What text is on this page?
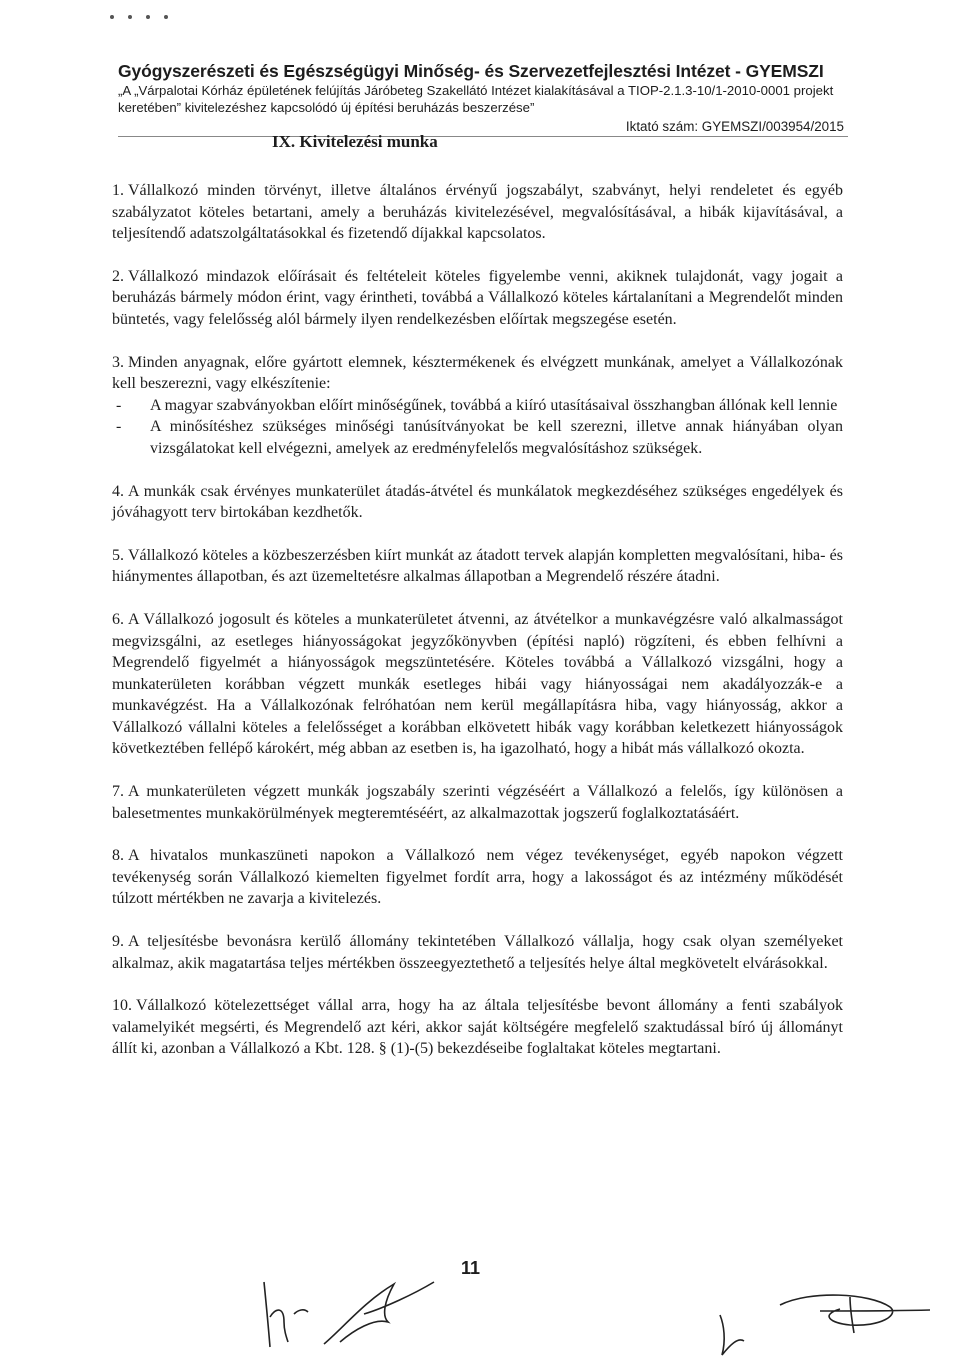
Gyógyszerészeti és Egészségügyi Minőség- és Szervezetfejlesztési Intézet - GYEMSZI

„A „Várpalotai Kórház épületének felújítás Járóbeteg Szakellátó Intézet kialakításával a TIOP-2.1.3-10/1-2010-0001 projekt

keretében” kivitelezéshez kapcsolódó új építési beruházás beszerzése”

Iktató szám: GYEMSZI/003954/2015

IX. Kivitelezési munka

1. Vállalkozó minden törvényt, illetve általános érvényű jogszabályt, szabványt, helyi rendeletet és egyéb szabályzatot köteles betartani, amely a beruházás kivitelezésével, megvalósításával, a hibák kijavításával, a teljesítendő adatszolgáltatásokkal és fizetendő díjakkal kapcsolatos.

2. Vállalkozó mindazok előírásait és feltételeit köteles figyelembe venni, akiknek tulajdonát, vagy jogait a beruházás bármely módon érint, vagy érintheti, továbbá a Vállalkozó köteles kártalanítani a Megrendelőt minden büntetés, vagy felelősség alól bármely ilyen rendelkezésben előírtak megszegése esetén.

3. Minden anyagnak, előre gyártott elemnek, késztermékenek és elvégzett munkának, amelyet a Vállalkozónak kell beszerezni, vagy elkészítenie:
- A magyar szabványokban előírt minőségűnek, továbbá a kiíró utasításaival összhangban állónak kell lennie
- A minősítéshez szükséges minőségi tanúsítványokat be kell szerezni, illetve annak hiányában olyan vizsgálatokat kell elvégezni, amelyek az eredményfelelős megvalósításhoz szükségek.

4. A munkák csak érvényes munkaterület átadás-átvétel és munkálatok megkezdéséhez szükséges engedélyek és jóváhagyott terv birtokában kezdhetők.

5. Vállalkozó köteles a közbeszerzésben kiírt munkát az átadott tervek alapján kompletten megvalósítani, hiba- és hiánymentes állapotban, és azt üzemeltetésre alkalmas állapotban a Megrendelő részére átadni.

6. A Vállalkozó jogosult és köteles a munkaterületet átvenni, az átvételkor a munkavégzésre való alkalmasságot megvizsgálni, az esetleges hiányosságokat jegyzőkönyvben (építési napló) rögzíteni, és ebben felhívni a Megrendelő figyelmét a hiányosságok megszüntetésére. Köteles továbbá a Vállalkozó vizsgálni, hogy a munkaterületen korábban végzett munkák esetleges hibái vagy hiányosságai nem akadályozzák-e a munkavégzést. Ha a Vállalkozónak felróhatóan nem kerül megállapításra hiba, vagy hiányosság, akkor a Vállalkozó vállalni köteles a felelősséget a korábban elkövetett hibák vagy korábban keletkezett hiányosságok következtében fellépő károkért, még abban az esetben is, ha igazolható, hogy a hibát más vállalkozó okozta.

7. A munkaterületen végzett munkák jogszabály szerinti végzéséért a Vállalkozó a felelős, így különösen a balesetmentes munkakörülmények megteremtéséért, az alkalmazottak jogszerű foglalkoztatásáért.

8. A hivatalos munkaszüneti napokon a Vállalkozó nem végez tevékenységet, egyéb napokon végzett tevékenység során Vállalkozó kiemelten figyelmet fordít arra, hogy a lakosságot és az intézmény működését túlzott mértékben ne zavarja a kivitelezés.

9. A teljesítésbe bevonásra kerülő állomány tekintetében Vállalkozó vállalja, hogy csak olyan személyeket alkalmaz, akik magatartása teljes mértékben összeegyeztethető a teljesítés helye által megkövetelt elvárásokkal.

10. Vállalkozó kötelezettséget vállal arra, hogy ha az általa teljesítésbe bevont állomány a fenti szabályok valamelyikét megsérti, és Megrendelő azt kéri, akkor saját költségére megfelelő szaktudással bíró új állományt állít ki, azonban a Vállalkozó a Kbt. 128. § (1)-(5) bekezdéseibe foglaltakat köteles megtartani.

11
